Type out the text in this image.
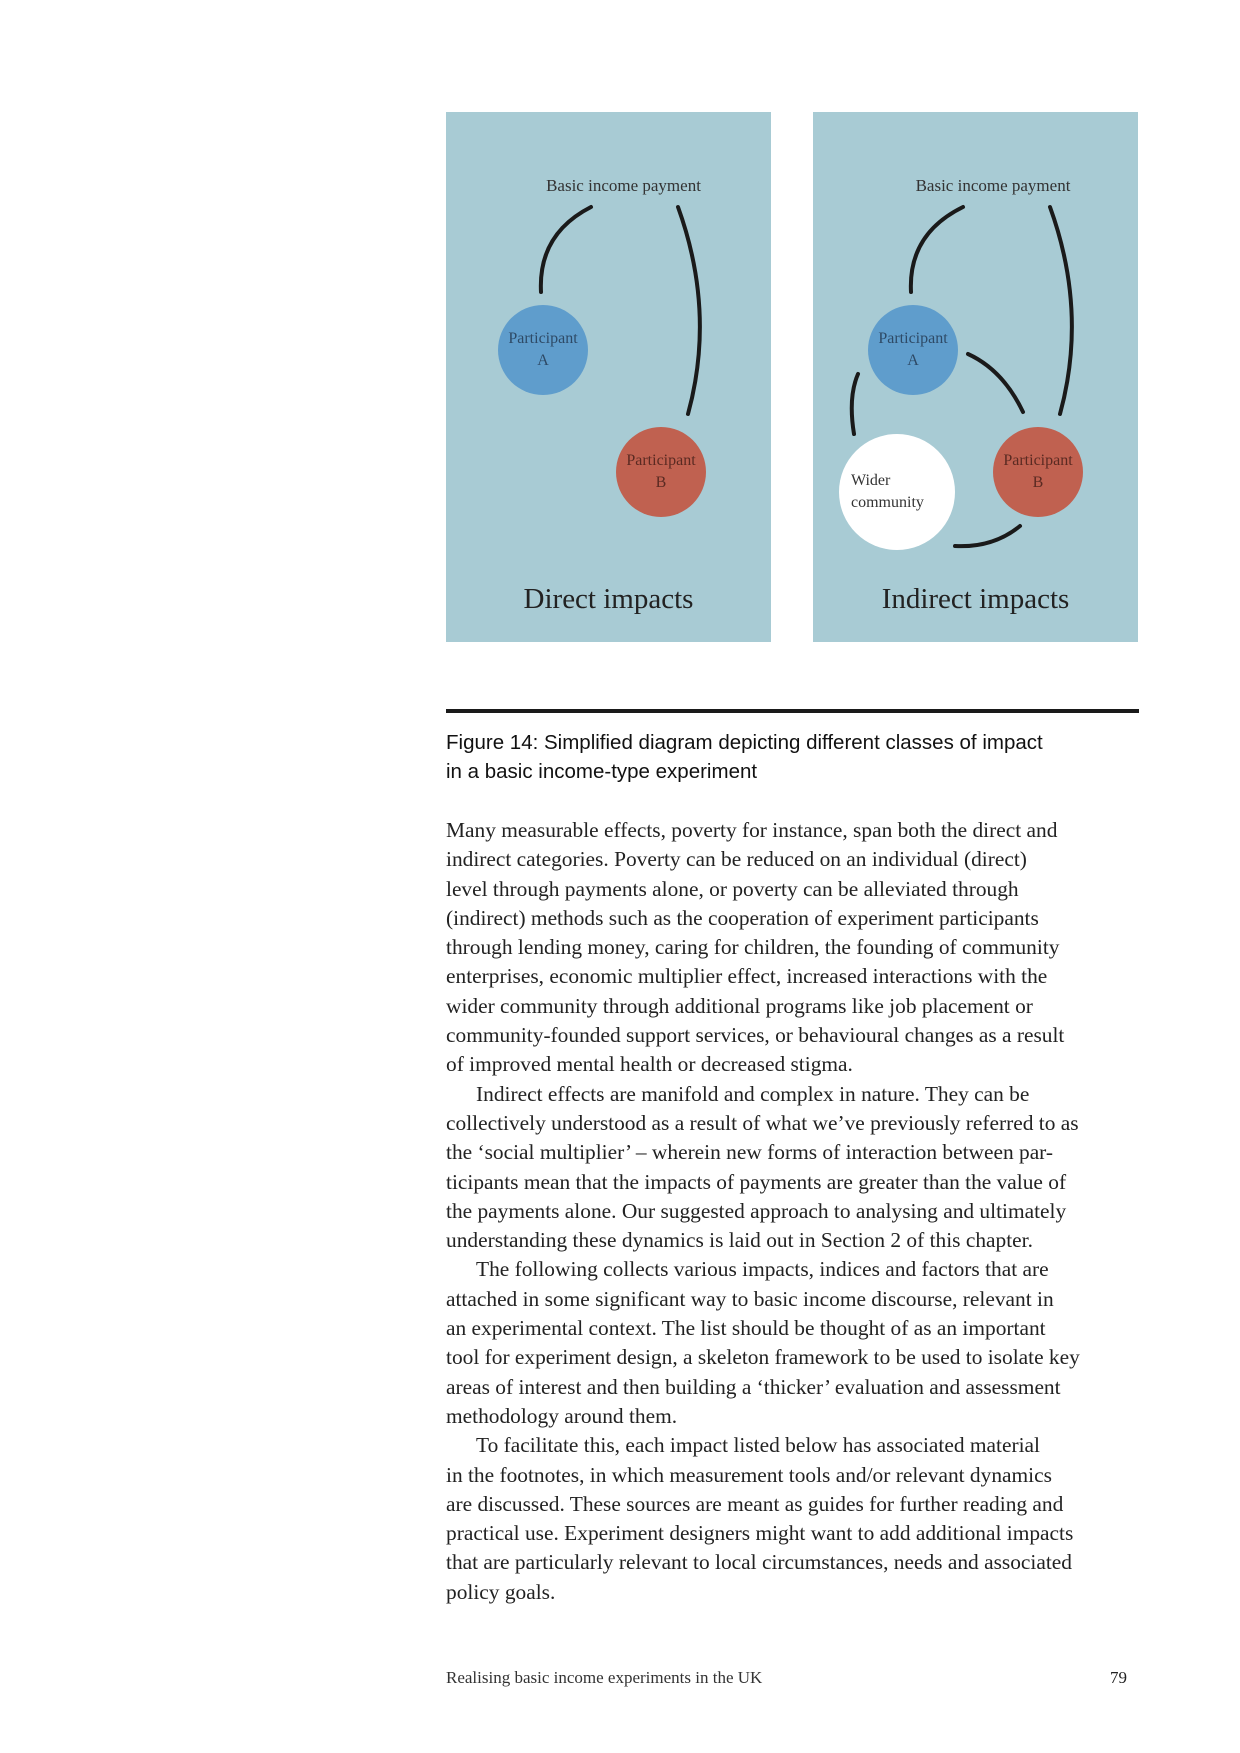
Basic income payment
Participant
A
Participant
B
Direct impacts
Basic income payment
Participant
A
Participant
B
Wider
community
Indirect impacts
Figure 14: Simplified diagram depicting different classes of impact
in a basic income-type experiment

Many measurable effects, poverty for instance, span both the direct and

indirect categories. Poverty can be reduced on an individual (direct)

level through payments alone, or poverty can be alleviated through

(indirect) methods such as the cooperation of experiment participants

through lending money, caring for children, the founding of community

enterprises, economic multiplier effect, increased interactions with the

wider community through additional programs like job placement or

community-founded support services, or behavioural changes as a result

of improved mental health or decreased stigma.

Indirect effects are manifold and complex in nature. They can be

collectively understood as a result of what we’ve previously referred to as

the ‘social multiplier’ – wherein new forms of interaction between par-

ticipants mean that the impacts of payments are greater than the value of

the payments alone. Our suggested approach to analysing and ultimately

understanding these dynamics is laid out in Section 2 of this chapter.

The following collects various impacts, indices and factors that are

attached in some significant way to basic income discourse, relevant in

an experimental context. The list should be thought of as an important

tool for experiment design, a skeleton framework to be used to isolate key

areas of interest and then building a ‘thicker’ evaluation and assessment

methodology around them.

To facilitate this, each impact listed below has associated material

in the footnotes, in which measurement tools and/or relevant dynamics

are discussed. These sources are meant as guides for further reading and

practical use. Experiment designers might want to add additional impacts

that are particularly relevant to local circumstances, needs and associated

policy goals.

Realising basic income experiments in the UK	79
